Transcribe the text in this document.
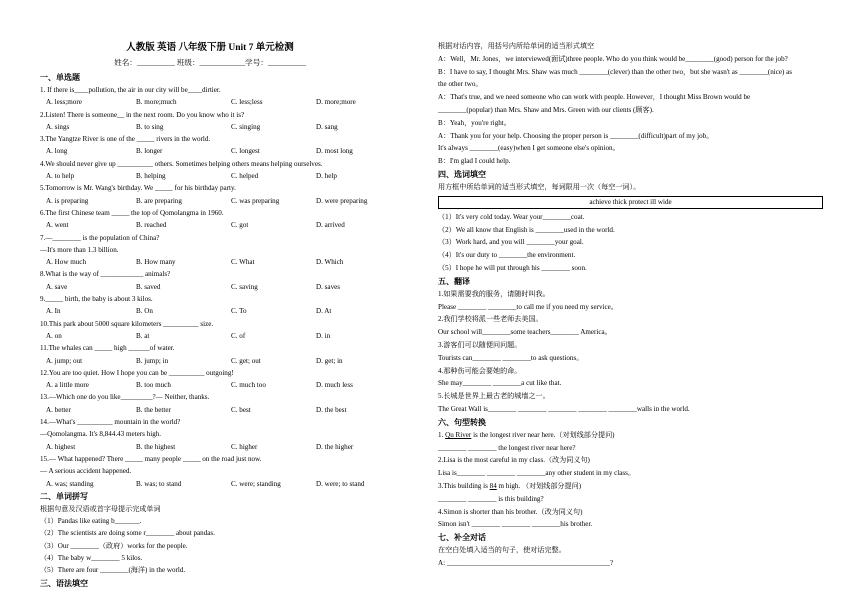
人教版 英语 八年级下册 Unit 7 单元检测
姓名：__________ 班级：____________学号：__________
一、单选题
1. If there is____pollution, the air in our city will be____dirtier.
A. less;more	B. more;much	C. less;less	D. more;more
2.Listen! There is someone__ in the next room. Do you know who it is?
A. sings	B. to sing	C. singing	D. sang
3.The Yangtze River is one of the _____ rivers in the world.
A. long	B. longer	C. longest	D. most long
4.We should never give up __________ others. Sometimes helping others means helping ourselves.
A. to help	B. helping	C. helped	D. help
5.Tomorrow is Mr. Wang's birthday. We _____ for his birthday party.
A. is preparing	B. are preparing	C. was preparing	D. were preparing
6.The first Chinese team _____ the top of Qomolangma in 1960.
A. went	B. reached	C. got	D. arrived
7.—________ is the population of China?
—It's more than 1.3 billion.
A. How much	B. How many	C. What	D. Which
8.What is the way of ____________ animals?
A. save	B. saved	C. saving	D. saves
9._____ birth, the baby is about 3 kilos.
A. In	B. On	C. To	D. At
10.This park about 5000 square kilometers __________ size.
A. on	B. at	C. of	D. in
11.The whales can _____ high ______of water.
A. jump; out	B. jump; in	C. get; out	D. get; in
12.You are too quiet. How I hope you can be __________ outgoing!
A. a little more	B. too much	C. much too	D. much less
13.—Which one do you like_________?— Neither, thanks.
A. better	B. the better	C. best	D. the best
14.—What's __________ mountain in the world?
—Qomolangma. It's 8,844.43 meters high.
A. highest	B. the highest	C. higher	D. the higher
15.— What happened? There _____ many people _____ on the road just now.
— A serious accident happened.
A. was; standing	B. was; to stand	C. were; standing	D. were; to stand
二、单词拼写
根据句意及汉语或首字母提示完成单词
（1）Pandas like eating b_______.
（2）The scientists are doing some r________ about pandas.
（3）Our ________（政府）works for the people.
（4）The baby w________ 5 kilos.
（5）There are four ________(海洋) in the world.
三、语法填空
根据对话内容，用括号内所给单词的适当形式填空
A：Well，Mr. Jones，we interviewed(面试)three people. Who do you think would be________(good) person for the job?
B：I have to say, I thought Mrs. Shaw was much ________(clever) than the other two，but she wasn't as ________(nice) as
the other two。
A：That's true, and we need someone who can work with people. However，I thought Miss Brown would be
________(popular) than Mrs. Shaw and Mrs. Green with our clients (顾客).
B：Yeah，you're right。
A：Thank you for your help. Choosing the proper person is ________(difficult)part of my job。
It's always ________(easy)when I get someone else's opinion。
B：I'm glad I could help.
四、选词填空
用方框中所给单词的适当形式填空，每词限用一次（每空一词）。
achieve thick protect ill wide
（1）It's very cold today. Wear your________coat.
（2）We all know that English is ________used in the world.
（3）Work hard, and you will ________your goal.
（4）It's our duty to ________the environment.
（5）I hope he will put through his ________ soon.
五、翻译
1.如果需要我的服务，请随时叫我。
Please ________ ________to call me if you need my service。
2.我们学校将派一些老师去美国。
Our school will________some teachers________ America。
3.游客们可以随便问问题。
Tourists can________ ________to ask questions。
4.那种伤可能会要她的命。
She may________ ________a cut like that.
5.长城是世界上最古老的城墙之一。
The Great Wall is________ ________ ________ ________ ________walls in the world.
六、句型转换
1. Qu River is the longest river near here.（对划线部分提问)
________ ________ the longest river near here?
2.Lisa is the most careful in my class.（改为同义句)
Lisa is________ ________ ________any other student in my class。
3.This building is 84 m high. （对划线部分提问)
________ ________ is this building?
4.Simon is shorter than his brother.（改为同义句)
Simon isn't ________ ________ ________his brother.
七、补全对话
在空白处填入适当的句子，使对话完整。
A: ______________________________________________?
